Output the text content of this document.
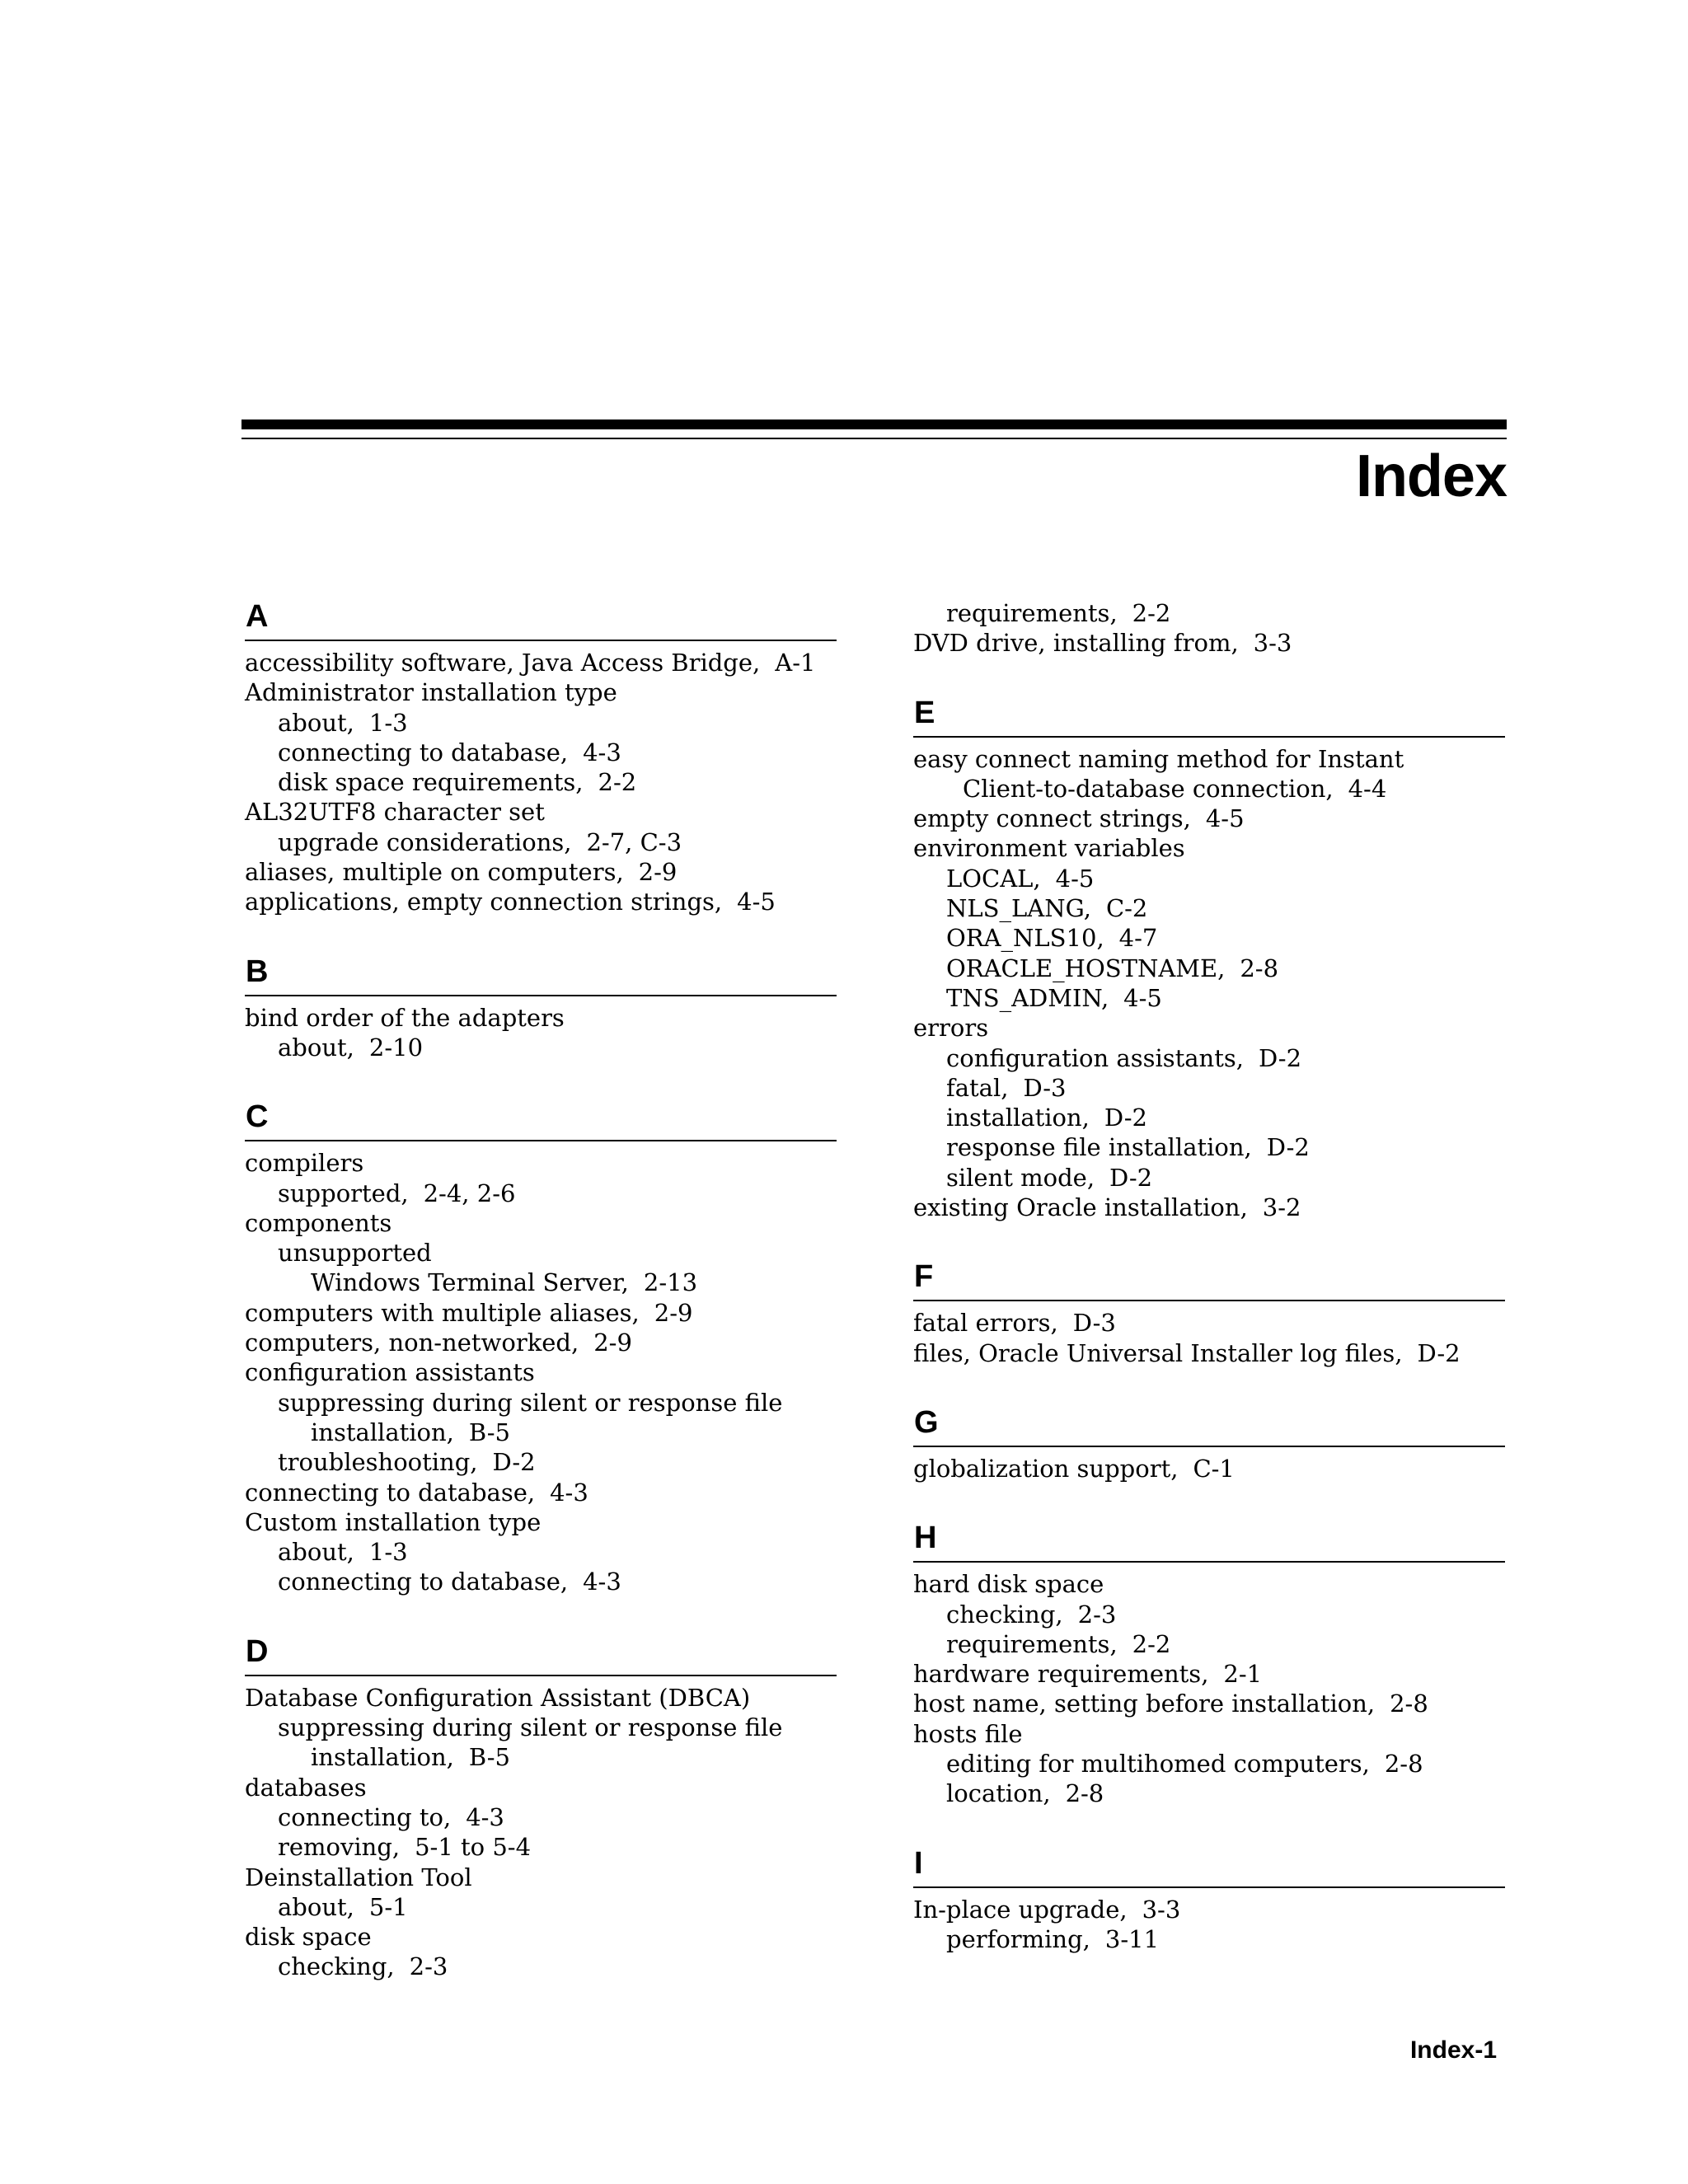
Index
A
accessibility software, Java Access Bridge, A-1
Administrator installation type
about, 1-3
connecting to database, 4-3
disk space requirements, 2-2
AL32UTF8 character set
upgrade considerations, 2-7, C-3
aliases, multiple on computers, 2-9
applications, empty connection strings, 4-5
B
bind order of the adapters
about, 2-10
C
compilers
supported, 2-4, 2-6
components
unsupported
Windows Terminal Server, 2-13
computers with multiple aliases, 2-9
computers, non-networked, 2-9
configuration assistants
suppressing during silent or response file
installation, B-5
troubleshooting, D-2
connecting to database, 4-3
Custom installation type
about, 1-3
connecting to database, 4-3
D
Database Configuration Assistant (DBCA)
suppressing during silent or response file
installation, B-5
databases
connecting to, 4-3
removing, 5-1 to 5-4
Deinstallation Tool
about, 5-1
disk space
checking, 2-3
requirements, 2-2
DVD drive, installing from, 3-3
E
easy connect naming method for Instant
Client-to-database connection, 4-4
empty connect strings, 4-5
environment variables
LOCAL, 4-5
NLS_LANG, C-2
ORA_NLS10, 4-7
ORACLE_HOSTNAME, 2-8
TNS_ADMIN, 4-5
errors
configuration assistants, D-2
fatal, D-3
installation, D-2
response file installation, D-2
silent mode, D-2
existing Oracle installation, 3-2
F
fatal errors, D-3
files, Oracle Universal Installer log files, D-2
G
globalization support, C-1
H
hard disk space
checking, 2-3
requirements, 2-2
hardware requirements, 2-1
host name, setting before installation, 2-8
hosts file
editing for multihomed computers, 2-8
location, 2-8
I
In-place upgrade, 3-3
performing, 3-11
Index-1
